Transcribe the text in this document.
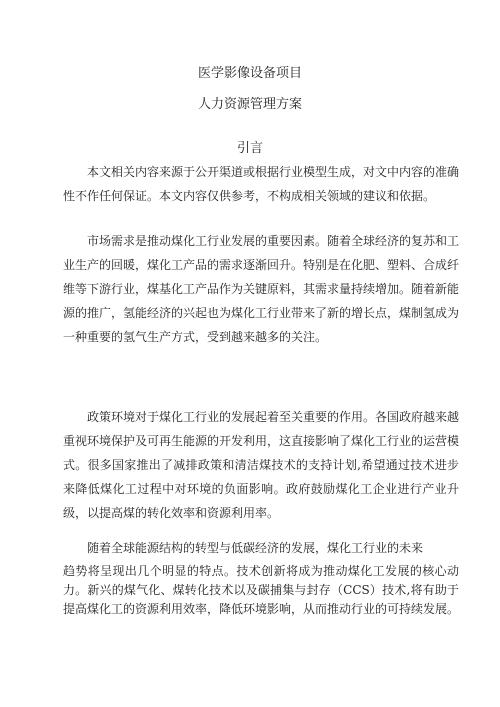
医学影像设备项目
人力资源管理方案
引言

本文相关内容来源于公开渠道或根据行业模型生成，对文中内容的准确性不作任何保证。本文内容仅供参考，不构成相关领域的建议和依据。

市场需求是推动煤化工行业发展的重要因素。随着全球经济的复苏和工业生产的回暖，煤化工产品的需求逐渐回升。特别是在化肥、塑料、合成纤维等下游行业，煤基化工产品作为关键原料，其需求量持续增加。随着新能源的推广，氢能经济的兴起也为煤化工行业带来了新的增长点，煤制氢成为一种重要的氢气生产方式，受到越来越多的关注。

政策环境对于煤化工行业的发展起着至关重要的作用。各国政府越来越重视环境保护及可再生能源的开发利用，这直接影响了煤化工行业的运营模式。很多国家推出了减排政策和清洁煤技术的支持计划,希望通过技术进步来降低煤化工过程中对环境的负面影响。政府鼓励煤化工企业进行产业升级，以提高煤的转化效率和资源利用率。

随着全球能源结构的转型与低碳经济的发展，煤化工行业的未来
趋势将呈现出几个明显的特点。技术创新将成为推动煤化工发展的核心动力。新兴的煤气化、煤转化技术以及碳捕集与封存（CCS）技术,将有助于提高煤化工的资源利用效率，降低环境影响，从而推动行业的可持续发展。
